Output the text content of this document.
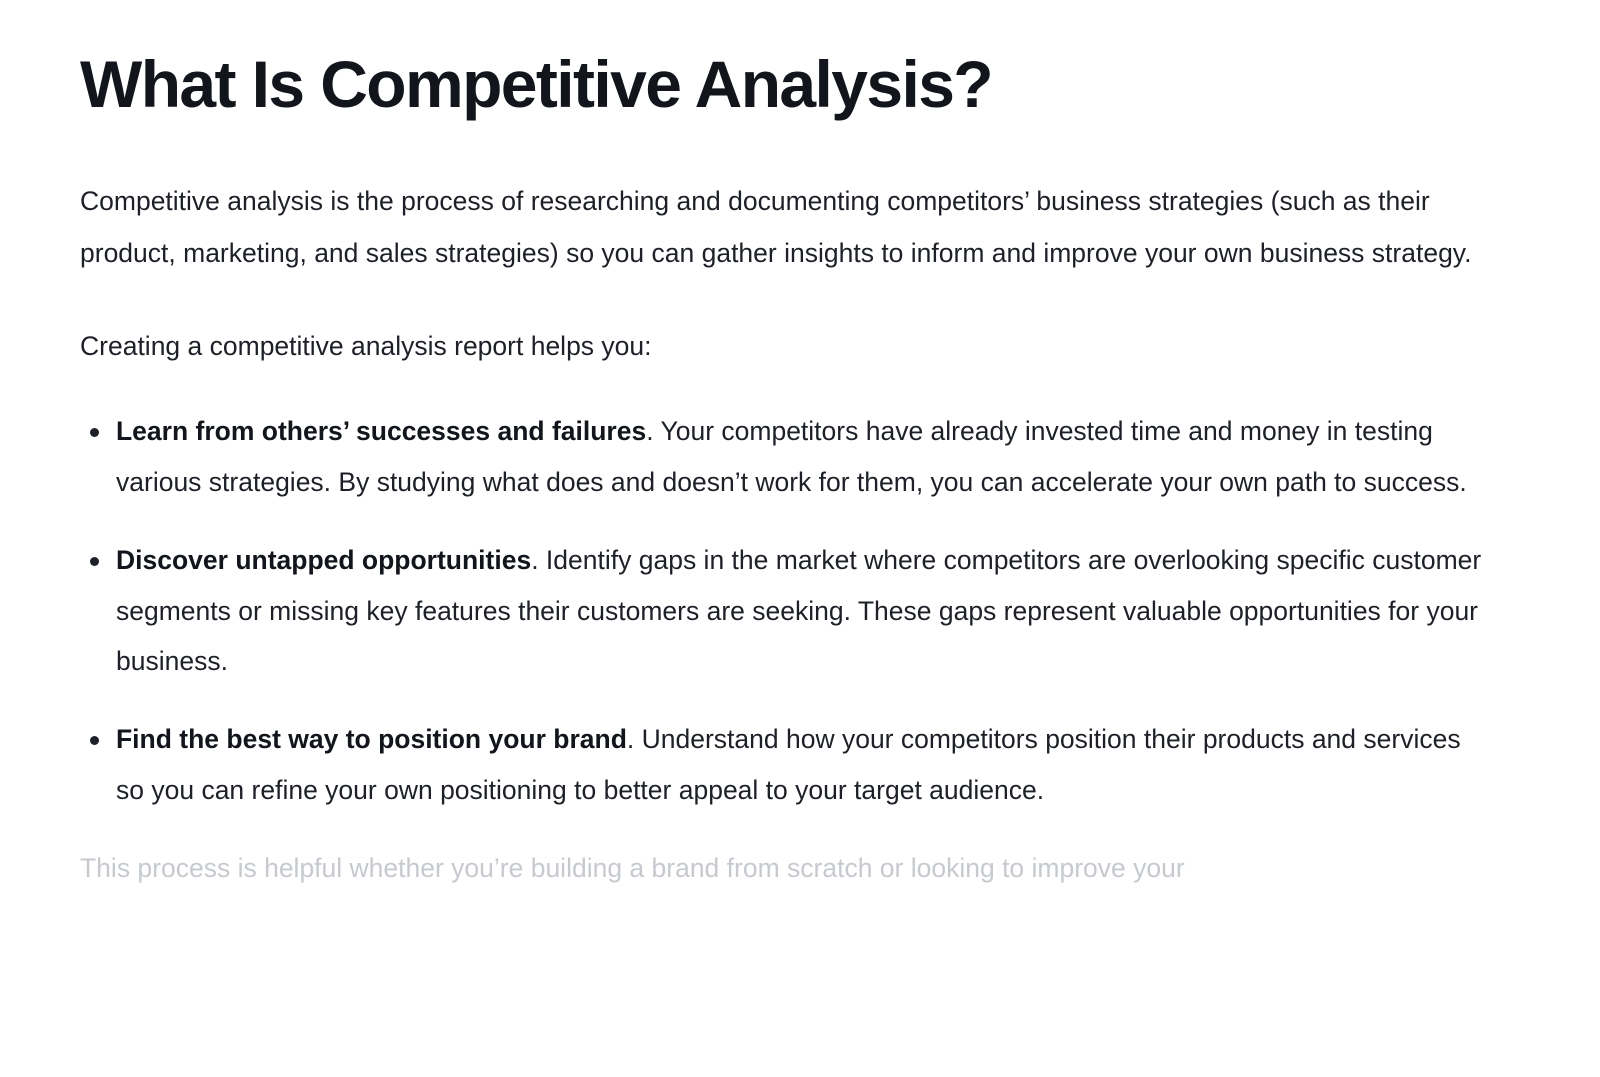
What Is Competitive Analysis?

Competitive analysis is the process of researching and documenting competitors’ business strategies (such as their product, marketing, and sales strategies) so you can gather insights to inform and improve your own business strategy.

Creating a competitive analysis report helps you:

Learn from others’ successes and failures. Your competitors have already invested time and money in testing various strategies. By studying what does and doesn’t work for them, you can accelerate your own path to success.
Discover untapped opportunities. Identify gaps in the market where competitors are overlooking specific customer segments or missing key features their customers are seeking. These gaps represent valuable opportunities for your business.
Find the best way to position your brand. Understand how your competitors position their products and services so you can refine your own positioning to better appeal to your target audience.

This process is helpful whether you’re building a brand from scratch or looking to improve your
